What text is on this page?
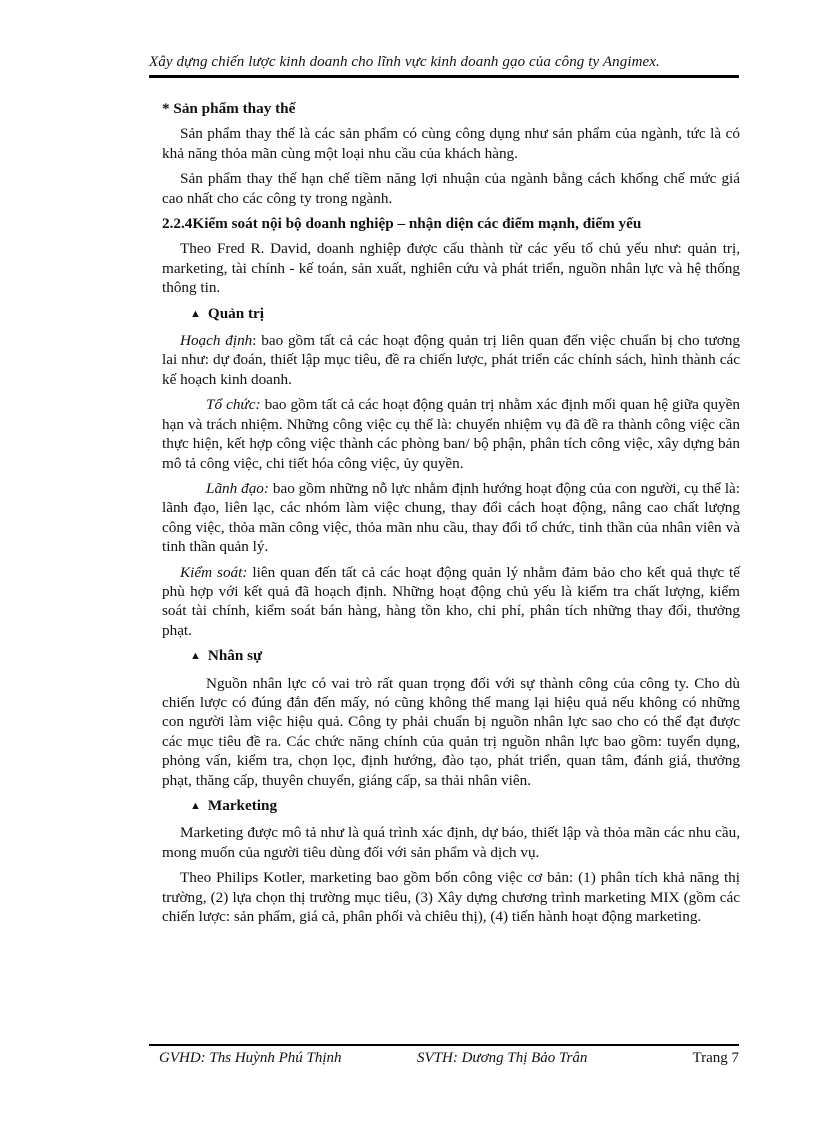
Xây dựng chiến lược kinh doanh cho lĩnh vực kinh doanh gạo của công ty Angimex.

* Sản phẩm thay thế

Sản phẩm thay thế là các sản phẩm có cùng công dụng như sản phẩm của ngành, tức là có khả năng thỏa mãn cùng một loại nhu cầu của khách hàng.

Sản phẩm thay thế hạn chế tiềm năng lợi nhuận của ngành bằng cách khống chế mức giá cao nhất cho các công ty trong ngành.

2.2.4Kiểm soát nội bộ doanh nghiệp – nhận diện các điểm mạnh, điểm yếu

Theo Fred R. David, doanh nghiệp được cấu thành từ các yếu tố chủ yếu như: quản trị, marketing, tài chính - kế toán, sản xuất, nghiên cứu và phát triển, nguồn nhân lực và hệ thống thông tin.

▲ Quản trị

Hoạch định: bao gồm tất cả các hoạt động quản trị liên quan đến việc chuẩn bị cho tương lai như: dự đoán, thiết lập mục tiêu, đề ra chiến lược, phát triển các chính sách, hình thành các kế hoạch kinh doanh.

Tổ chức: bao gồm tất cả các hoạt động quản trị nhằm xác định mối quan hệ giữa quyền hạn và trách nhiệm. Những công việc cụ thể là: chuyển nhiệm vụ đã đề ra thành công việc cần thực hiện, kết hợp công việc thành các phòng ban/ bộ phận, phân tích công việc, xây dựng bản mô tả công việc, chi tiết hóa công việc, ủy quyền.

Lãnh đạo: bao gồm những nỗ lực nhằm định hướng hoạt động của con người, cụ thể là: lãnh đạo, liên lạc, các nhóm làm việc chung, thay đổi cách hoạt động, nâng cao chất lượng công việc, thỏa mãn công việc, thỏa mãn nhu cầu, thay đổi tổ chức, tinh thần của nhân viên và tinh thần quản lý.

Kiểm soát: liên quan đến tất cả các hoạt động quản lý nhằm đảm bảo cho kết quả thực tế phù hợp với kết quả đã hoạch định. Những hoạt động chủ yếu là kiểm tra chất lượng, kiểm soát tài chính, kiểm soát bán hàng, hàng tồn kho, chi phí, phân tích những thay đổi, thưởng phạt.

▲ Nhân sự

Nguồn nhân lực có vai trò rất quan trọng đối với sự thành công của công ty. Cho dù chiến lược có đúng đắn đến mấy, nó cũng không thể mang lại hiệu quả nếu không có những con người làm việc hiệu quả. Công ty phải chuẩn bị nguồn nhân lực sao cho có thể đạt được các mục tiêu đề ra. Các chức năng chính của quản trị nguồn nhân lực bao gồm: tuyển dụng, phỏng vấn, kiểm tra, chọn lọc, định hướng, đào tạo, phát triển, quan tâm, đánh giá, thưởng phạt, thăng cấp, thuyên chuyển, giáng cấp, sa thải nhân viên.

▲ Marketing

Marketing được mô tả như là quá trình xác định, dự báo, thiết lập và thỏa mãn các nhu cầu, mong muốn của người tiêu dùng đối với sản phẩm và dịch vụ.

Theo Philips Kotler, marketing bao gồm bốn công việc cơ bản: (1) phân tích khả năng thị trường, (2) lựa chọn thị trường mục tiêu, (3) Xây dựng chương trình marketing MIX (gồm các chiến lược: sản phẩm, giá cả, phân phối và chiêu thị), (4) tiến hành hoạt động marketing.

GVHD: Ths Huỳnh Phú Thịnh	SVTH: Dương Thị Bảo Trân	Trang 7
